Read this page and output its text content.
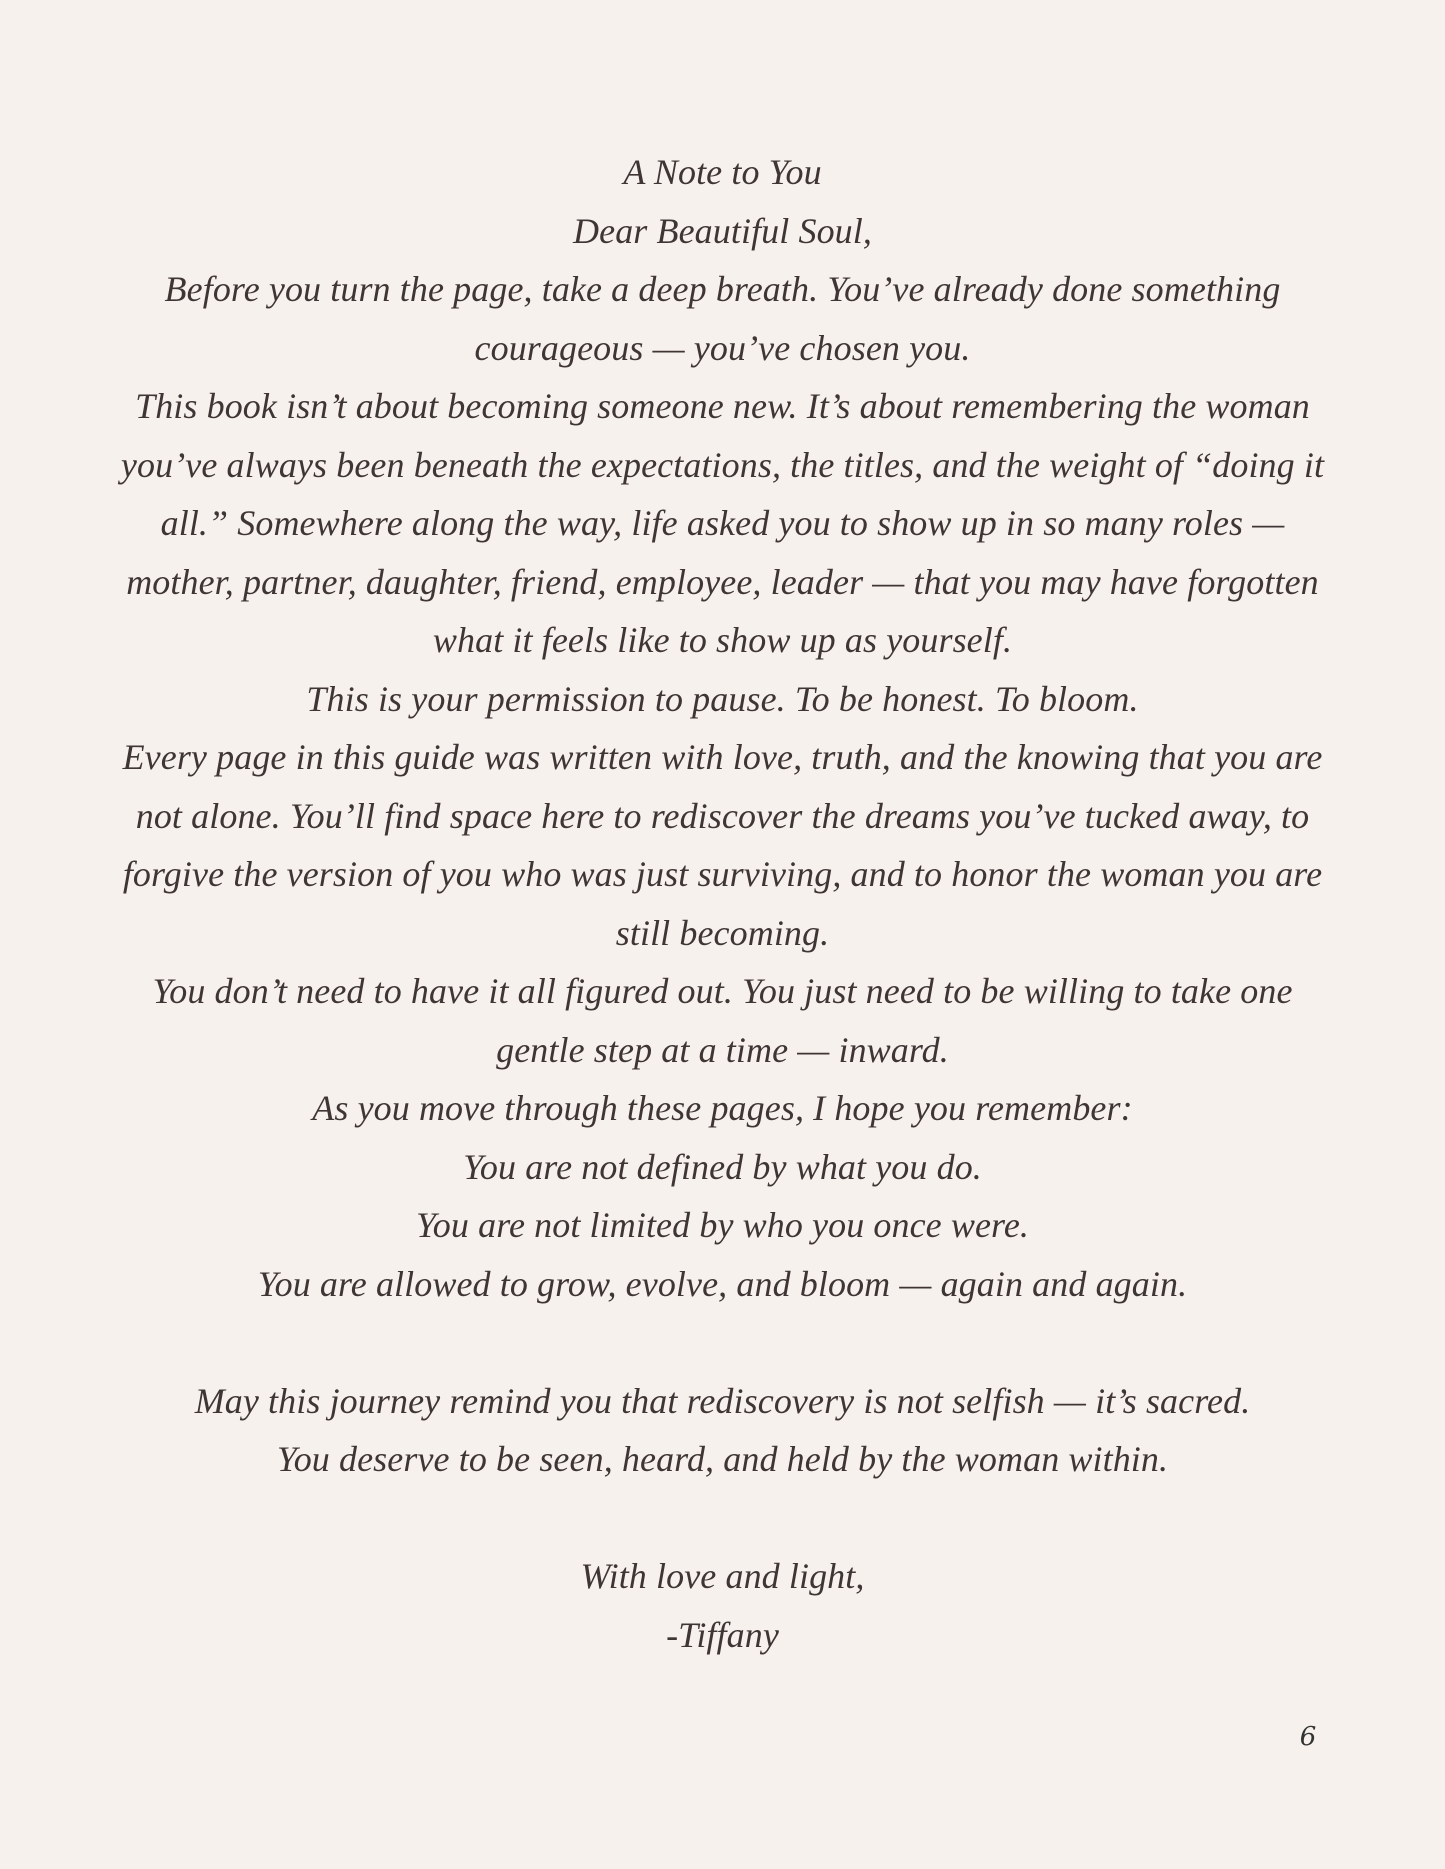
A Note to You

Dear Beautiful Soul,

Before you turn the page, take a deep breath. You’ve already done something courageous — you’ve chosen you.

This book isn’t about becoming someone new. It’s about remembering the woman you’ve always been beneath the expectations, the titles, and the weight of “doing it all.” Somewhere along the way, life asked you to show up in so many roles — mother, partner, daughter, friend, employee, leader — that you may have forgotten what it feels like to show up as yourself.

This is your permission to pause. To be honest. To bloom.

Every page in this guide was written with love, truth, and the knowing that you are not alone. You’ll find space here to rediscover the dreams you’ve tucked away, to forgive the version of you who was just surviving, and to honor the woman you are still becoming.

You don’t need to have it all figured out. You just need to be willing to take one gentle step at a time — inward.

As you move through these pages, I hope you remember:

You are not defined by what you do.

You are not limited by who you once were.

You are allowed to grow, evolve, and bloom — again and again.

May this journey remind you that rediscovery is not selfish — it’s sacred.

You deserve to be seen, heard, and held by the woman within.

With love and light,

-Tiffany

6
